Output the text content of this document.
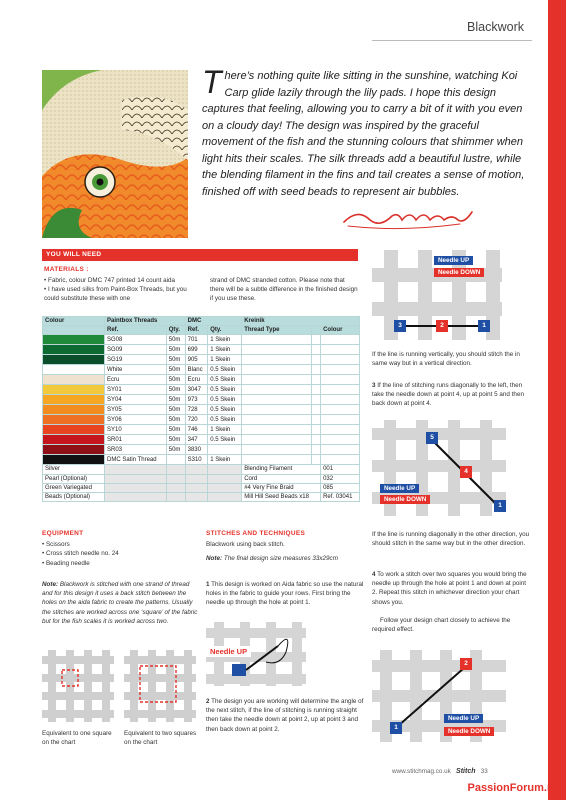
Blackwork
There’s nothing quite like sitting in the sunshine, watching Koi Carp glide lazily through the lily pads. I hope this design captures that feeling, allowing you to carry a bit of it with you even on a cloudy day! The design was inspired by the graceful movement of the fish and the stunning colours that shimmer when light hits their scales. The silk threads add a beautiful lustre, while the blending filament in the fins and tail creates a sense of motion, finished off with seed beads to represent air bubbles.
YOU WILL NEED
MATERIALS :
• Fabric, colour DMC 747 printed 14 count aida
• I have used silks from Paint-Box Threads, but you could substitute these with one
strand of DMC stranded cotton. Please note that there will be a subtle difference in the finished design if you use these.
Colour	Paintbox Threads		DMC		Kreinik		
	Ref.	Qty.	Ref.	Qty.	Thread Type		Colour

	SG08	50m	701	1 Skein			

	SG09	50m	699	1 Skein			

	SG19	50m	905	1 Skein			

	White	50m	Blanc	0.5 Skein			

	Ecru	50m	Ecru	0.5 Skein			

	SY01	50m	3047	0.5 Skein			

	SY04	50m	973	0.5 Skein			

	SY05	50m	728	0.5 Skein			

	SY06	50m	720	0.5 Skein			

	SY10	50m	746	1 Skein			

	SR01	50m	347	0.5 Skein			

	SR03	50m	3830				

	DMC Satin Thread		S310	1 Skein			
Silver					Blending Filament		001
Pearl (Optional)					Cord		032
Green Variegated					#4 Very Fine Braid		085
Beads (Optional)					Mill Hill Seed Beads x18		Ref. 03041
EQUIPMENT
• Scissors
• Cross stitch needle no. 24
• Beading needle
STITCHES AND TECHNIQUES
Blackwork using back stitch.
Note: The final design size measures 33x29cm
Note: Blackwork is stitched with one strand of thread and for this design it uses a back stitch between the holes on the aida fabric to create the patterns. Usually the stitches are worked across one ‘square’ of the fabric but for the fish scales it is worked across two.
Equivalent to one square on the chart
Equivalent to two squares on the chart
1 This design is worked on Aida fabric so use the natural holes in the fabric to guide your rows. First bring the needle up through the hole at point 1.
Needle UP
2 The design you are working will determine the angle of the next stitch, if the line of stitching is running straight then take the needle down at point 2, up at point 3 and then back down at point 2.
Needle UP
Needle DOWN
3	2	1
If the line is running vertically, you should stitch the in same way but in a vertical direction.
3 If the line of stitching runs diagonally to the left, then take the needle down at point 4, up at point 5 and then back down at point 4.
5
4
1
Needle UP
Needle DOWN
If the line is running diagonally in the other direction, you should stitch in the same way but in the other direction.
4 To work a stitch over two squares you would bring the needle up through the hole at point 1 and down at point 2. Repeat this stitch in whichever direction your chart shows you.
Follow your design chart closely to achieve the required effect.
2
1
Needle UP
Needle DOWN
www.stitchmag.co.uk Stitch 33
PassionForum.ru
